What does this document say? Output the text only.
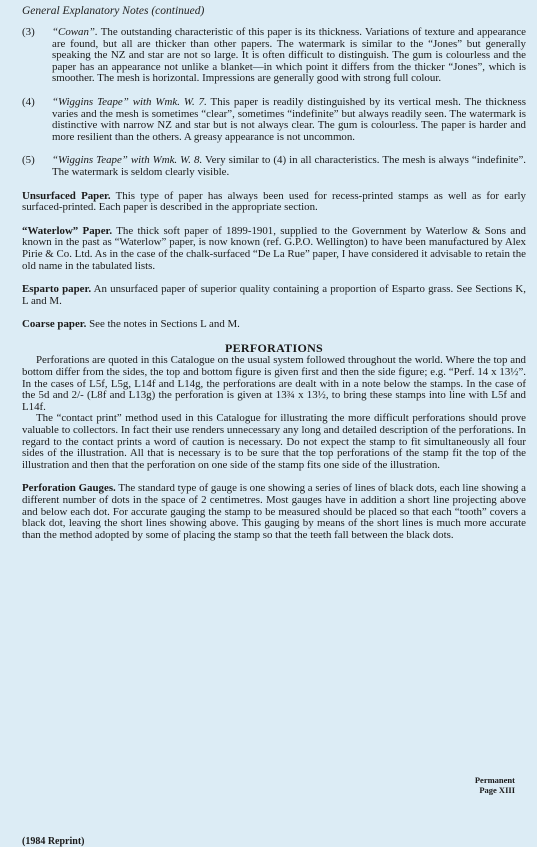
General Explanatory Notes (continued)
(3)	“Cowan”. The outstanding characteristic of this paper is its thickness. Variations of texture and appearance are found, but all are thicker than other papers. The watermark is similar to the “Jones” but generally speaking the NZ and star are not so large. It is often difficult to distinguish. The gum is colourless and the paper has an appearance not unlike a blanket—in which point it differs from the thicker “Jones”, which is smoother. The mesh is horizontal. Impressions are generally good with strong full colour.
(4)	“Wiggins Teape” with Wmk. W. 7. This paper is readily distinguished by its vertical mesh. The thickness varies and the mesh is sometimes “clear”, sometimes “indefinite” but always readily seen. The watermark is distinctive with narrow NZ and star but is not always clear. The gum is colourless. The paper is harder and more resilient than the others. A greasy appearance is not uncommon.
(5)	“Wiggins Teape” with Wmk. W. 8. Very similar to (4) in all characteristics. The mesh is always “indefinite”. The watermark is seldom clearly visible.

Unsurfaced Paper. This type of paper has always been used for recess-printed stamps as well as for early surfaced-printed. Each paper is described in the appropriate section.

“Waterlow” Paper. The thick soft paper of 1899-1901, supplied to the Government by Waterlow & Sons and known in the past as “Waterlow” paper, is now known (ref. G.P.O. Wellington) to have been manufactured by Alex Pirie & Co. Ltd. As in the case of the chalk-surfaced “De La Rue” paper, I have considered it advisable to retain the old name in the tabulated lists.

Esparto paper. An unsurfaced paper of superior quality containing a proportion of Esparto grass. See Sections K, L and M.

Coarse paper. See the notes in Sections L and M.

PERFORATIONS

Perforations are quoted in this Catalogue on the usual system followed throughout the world. Where the top and bottom differ from the sides, the top and bottom figure is given first and then the side figure; e.g. “Perf. 14 x 13½”. In the cases of L5f, L5g, L14f and L14g, the perforations are dealt with in a note below the stamps. In the case of the 5d and 2/- (L8f and L13g) the perforation is given at 13¾ x 13½, to bring these stamps into line with L5f and L14f.

The “contact print” method used in this Catalogue for illustrating the more difficult perforations should prove valuable to collectors. In fact their use renders unnecessary any long and detailed description of the perforations. In regard to the contact prints a word of caution is necessary. Do not expect the stamp to fit simultaneously all four sides of the illustration. All that is necessary is to be sure that the top perforations of the stamp fit the top of the illustration and then that the perforation on one side of the stamp fits one side of the illustration.

Perforation Gauges. The standard type of gauge is one showing a series of lines of black dots, each line showing a different number of dots in the space of 2 centimetres. Most gauges have in addition a short line projecting above and below each dot. For accurate gauging the stamp to be measured should be placed so that each “tooth” covers a black dot, leaving the short lines showing above. This gauging by means of the short lines is much more accurate than the method adopted by some of placing the stamp so that the teeth fall between the black dots.

Permanent
Page XIII
(1984 Reprint)
